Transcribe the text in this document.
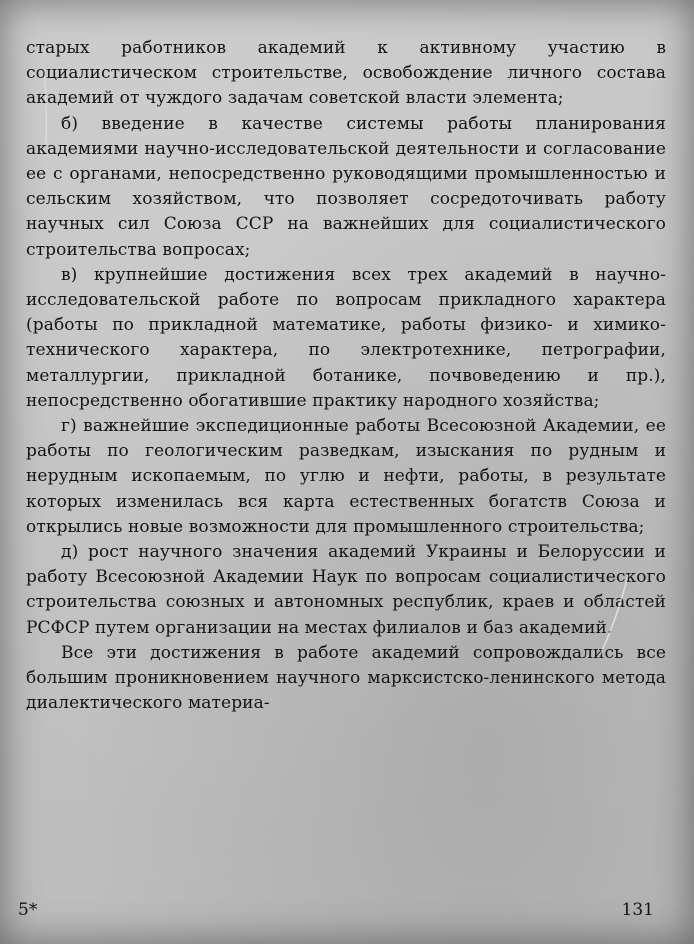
старых работников академий к активному участию в социалистическом строительстве, освобождение личного состава академий от чуждого задачам советской власти элемента;

б) введение в качестве системы работы планирования академиями научно-исследовательской деятельности и согласование ее с органами, непосредственно руководящими промышленностью и сельским хозяйством, что позволяет сосредоточивать работу научных сил Союза ССР на важнейших для социалистического строительства вопросах;

в) крупнейшие достижения всех трех академий в научно-исследовательской работе по вопросам прикладного характера (работы по прикладной математике, работы физико- и химико-технического характера, по электротехнике, петрографии, металлургии, прикладной ботанике, почвоведению и пр.), непосредственно обогатившие практику народного хозяйства;

г) важнейшие экспедиционные работы Всесоюзной Академии, ее работы по геологическим разведкам, изыскания по рудным и нерудным ископаемым, по углю и нефти, работы, в результате которых изменилась вся карта естественных богатств Союза и открылись новые возможности для промышленного строительства;

д) рост научного значения академий Украины и Белоруссии и работу Всесоюзной Академии Наук по вопросам социалистического строительства союзных и автономных республик, краев и областей РСФСР путем организации на местах филиалов и баз академий.

Все эти достижения в работе академий сопровождались все большим проникновением научного марксистско-ленинского метода диалектического материа-

5*	131
